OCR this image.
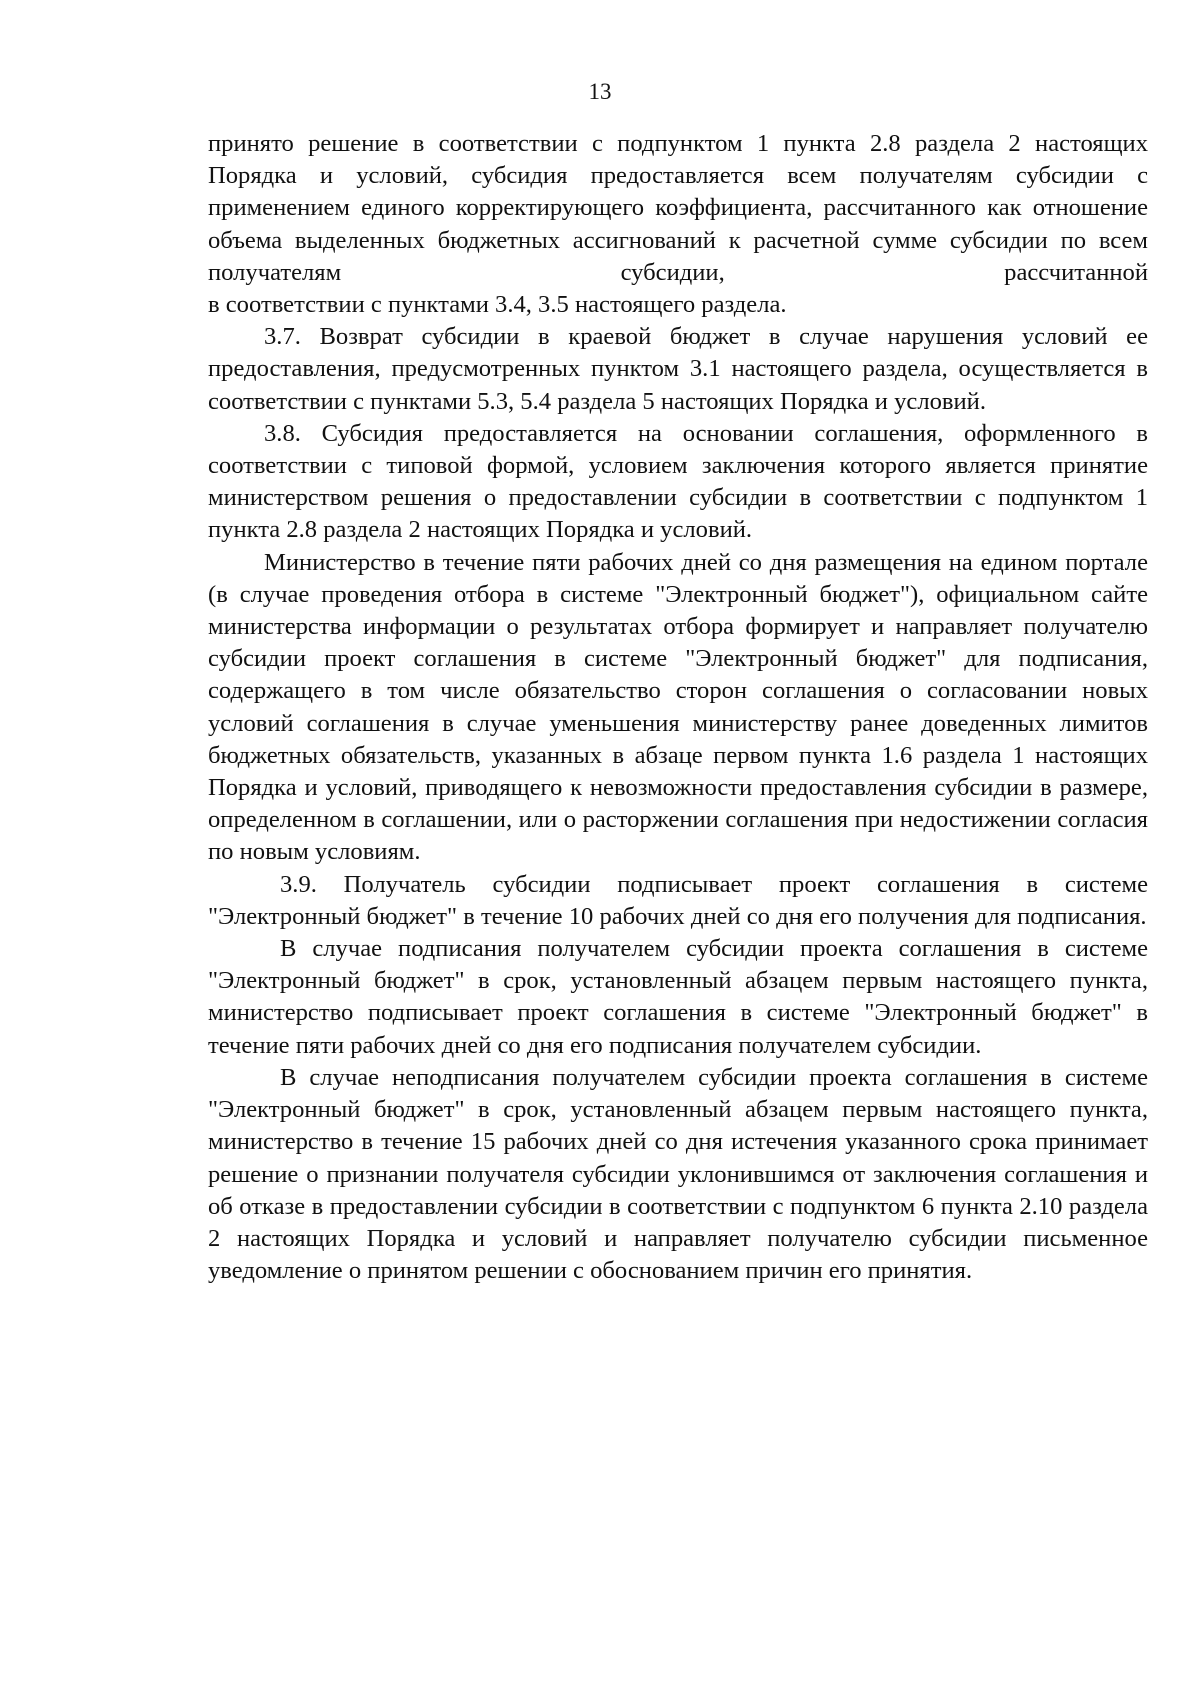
13

принято решение в соответствии с подпунктом 1 пункта 2.8 раздела 2 настоящих Порядка и условий, субсидия предоставляется всем получателям субсидии с применением единого корректирующего коэффициента, рассчитанного как отношение объема выделенных бюджетных ассигнований к расчетной сумме субсидии по всем получателям субсидии, рассчитанной

в соответствии с пунктами 3.4, 3.5 настоящего раздела.

3.7. Возврат субсидии в краевой бюджет в случае нарушения условий ее предоставления, предусмотренных пунктом 3.1 настоящего раздела, осуществляется в соответствии с пунктами 5.3, 5.4 раздела 5 настоящих Порядка и условий.

3.8. Субсидия предоставляется на основании соглашения, оформленного в соответствии с типовой формой, условием заключения которого является принятие министерством решения о предоставлении субсидии в соответствии с подпунктом 1 пункта 2.8 раздела 2 настоящих Порядка и условий.

Министерство в течение пяти рабочих дней со дня размещения на едином портале (в случае проведения отбора в системе "Электронный бюджет"), официальном сайте министерства информации о результатах отбора формирует и направляет получателю субсидии проект соглашения в системе "Электронный бюджет" для подписания, содержащего в том числе обязательство сторон соглашения о согласовании новых условий соглашения в случае уменьшения министерству ранее доведенных лимитов бюджетных обязательств, указанных в абзаце первом пункта 1.6 раздела 1 настоящих Порядка и условий, приводящего к невозможности предоставления субсидии в размере, определенном в соглашении, или о расторжении соглашения при недостижении согласия по новым условиям.

3.9. Получатель субсидии подписывает проект соглашения в системе "Электронный бюджет" в течение 10 рабочих дней со дня его получения для подписания.

В случае подписания получателем субсидии проекта соглашения в системе "Электронный бюджет" в срок, установленный абзацем первым настоящего пункта, министерство подписывает проект соглашения в системе "Электронный бюджет" в течение пяти рабочих дней со дня его подписания получателем субсидии.

В случае неподписания получателем субсидии проекта соглашения в системе "Электронный бюджет" в срок, установленный абзацем первым настоящего пункта, министерство в течение 15 рабочих дней со дня истечения указанного срока принимает решение о признании получателя субсидии уклонившимся от заключения соглашения и об отказе в предоставлении субсидии в соответствии с подпунктом 6 пункта 2.10 раздела 2 настоящих Порядка и условий и направляет получателю субсидии письменное уведомление о принятом решении с обоснованием причин его принятия.
